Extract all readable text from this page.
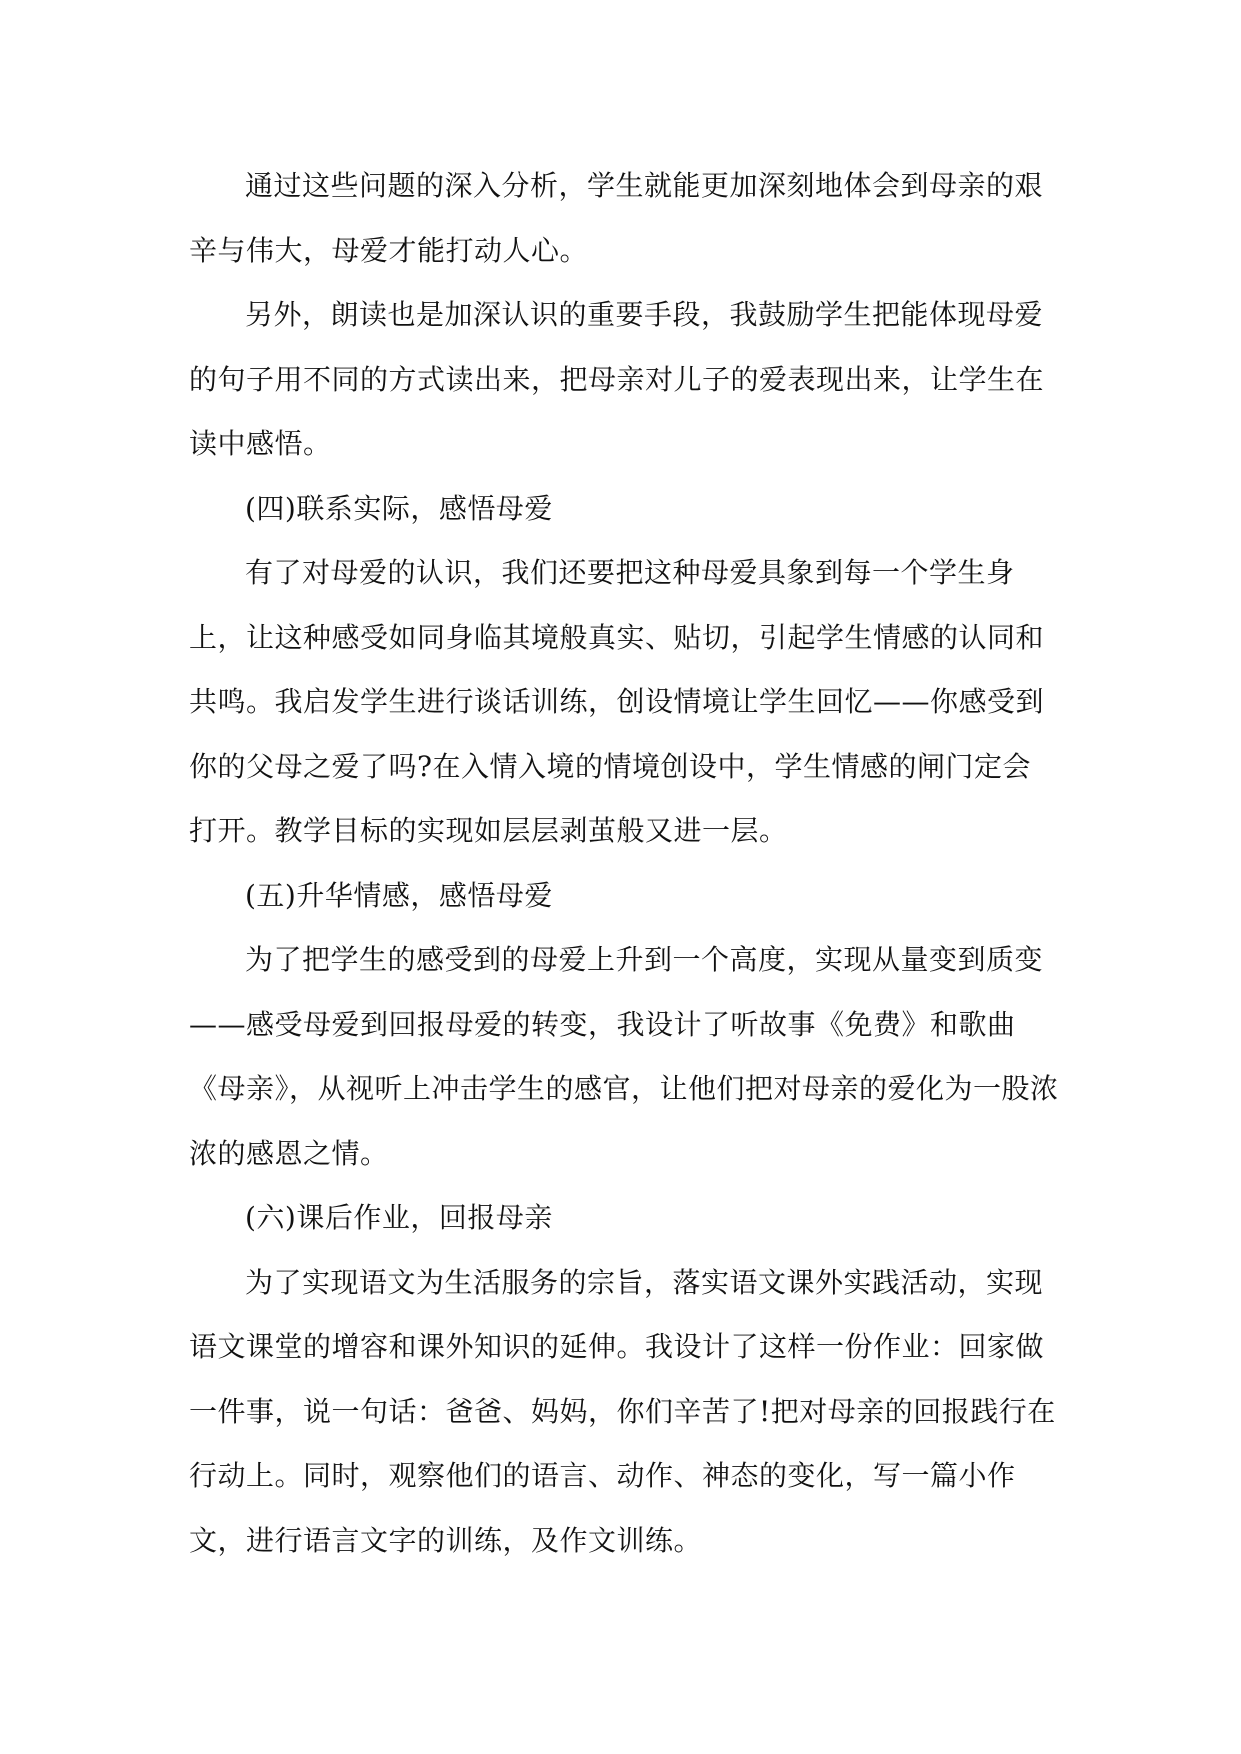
通过这些问题的深入分析，学生就能更加深刻地体会到母亲的艰辛与伟大，母爱才能打动人心。

另外，朗读也是加深认识的重要手段，我鼓励学生把能体现母爱的句子用不同的方式读出来，把母亲对儿子的爱表现出来，让学生在读中感悟。

(四)联系实际，感悟母爱

有了对母爱的认识，我们还要把这种母爱具象到每一个学生身上，让这种感受如同身临其境般真实、贴切，引起学生情感的认同和共鸣。我启发学生进行谈话训练，创设情境让学生回忆——你感受到你的父母之爱了吗?在入情入境的情境创设中，学生情感的闸门定会打开。教学目标的实现如层层剥茧般又进一层。

(五)升华情感，感悟母爱

为了把学生的感受到的母爱上升到一个高度，实现从量变到质变——感受母爱到回报母爱的转变，我设计了听故事《免费》和歌曲《母亲》，从视听上冲击学生的感官，让他们把对母亲的爱化为一股浓浓的感恩之情。

(六)课后作业，回报母亲

为了实现语文为生活服务的宗旨，落实语文课外实践活动，实现语文课堂的增容和课外知识的延伸。我设计了这样一份作业：回家做一件事，说一句话：爸爸、妈妈，你们辛苦了!把对母亲的回报践行在行动上。同时，观察他们的语言、动作、神态的变化，写一篇小作文，进行语言文字的训练，及作文训练。
